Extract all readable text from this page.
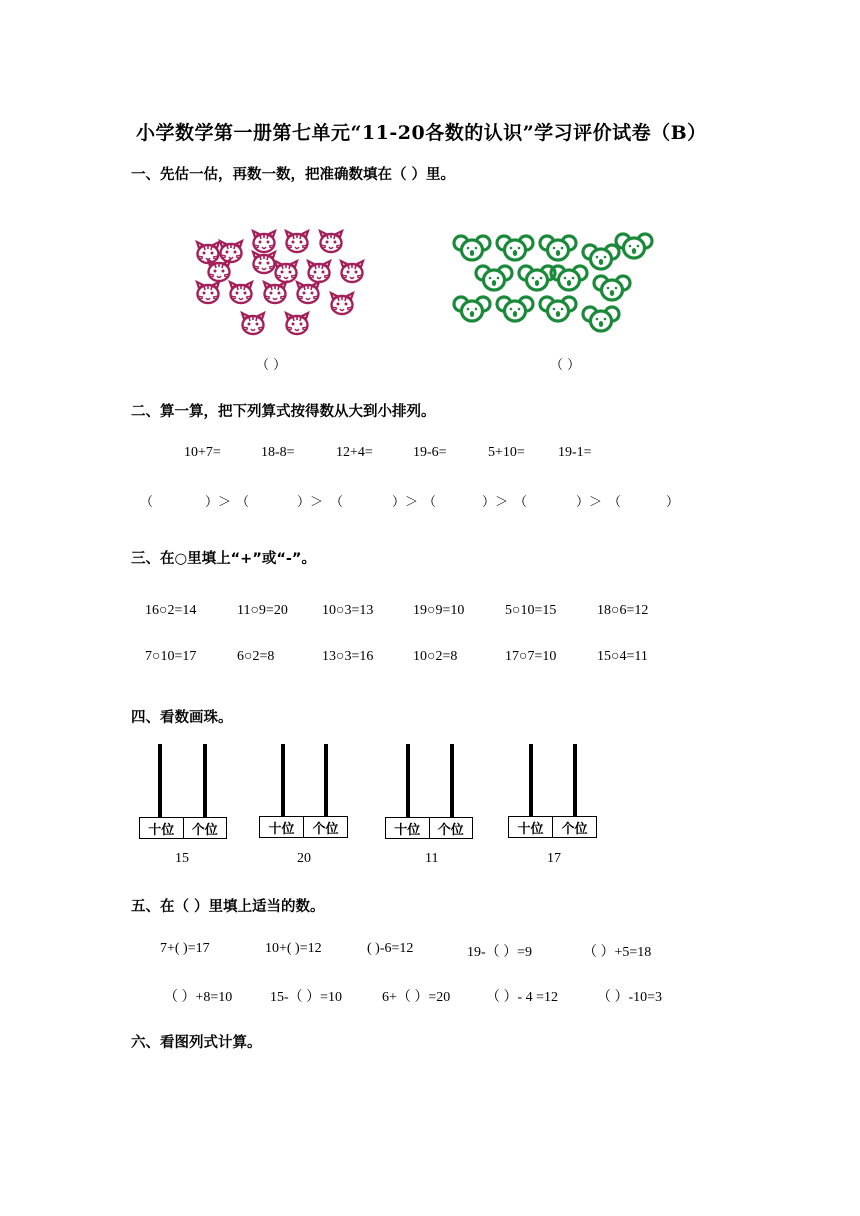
小学数学第一册第七单元“11-20各数的认识”学习评价试卷（B）
一、先估一估，再数一数，把准确数填在（ ）里。
（ ）	（ ）
二、算一算，把下列算式按得数从大到小排列。
10+7=	18-8=	12+4=	19-6=	5+10= 19-1=
（	）＞ （	）＞ （	）＞ （	）＞ （	）＞ （	）
三、在○里填上“+”或“-”。
16○2=14	11○9=20 10○3=13	19○9=10	5○10=15	18○6=12
7○10=17	6○2=8	13○3=16	10○2=8	17○7=10	15○4=11
四、看数画珠。
十位	个位
15
十位	个位
20
十位	个位
11
十位	个位
17
五、在（ ）里填上适当的数。
7+( )=17	10+( )=12	( )-6=12	19-（ ）=9	（ ）+5=18
（ ）+8=10	15-（ ）=10	6+（ ）=20	（ ）- 4 =12	（ ）-10=3
六、看图列式计算。
